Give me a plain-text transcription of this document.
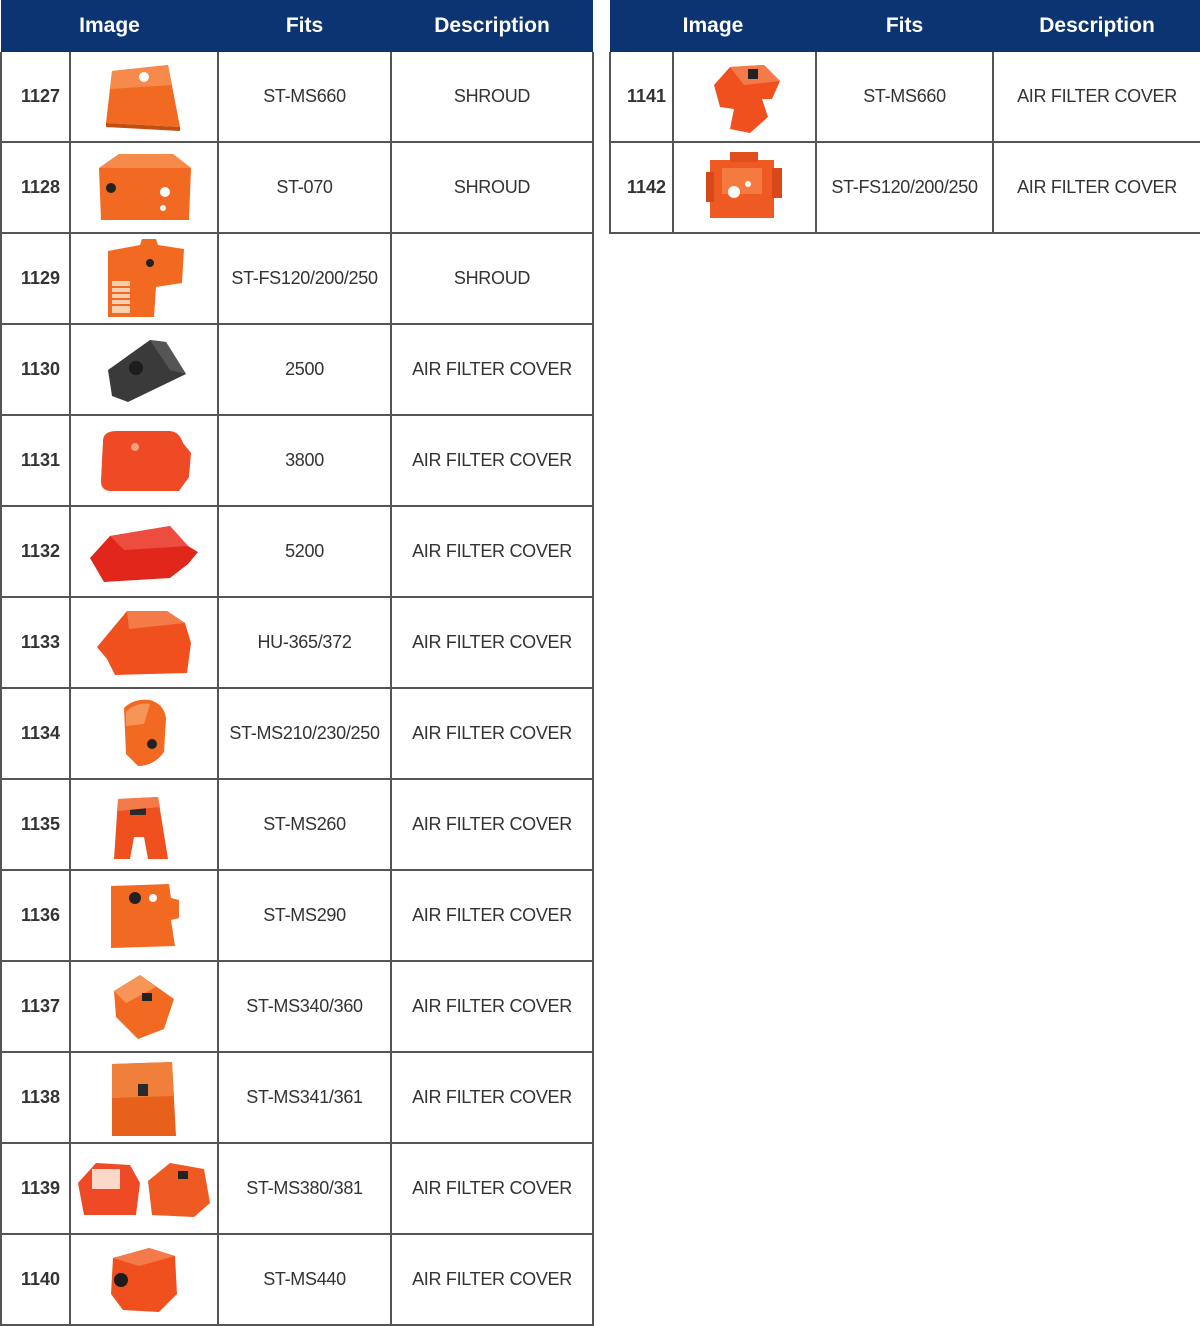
Image		Fits	Description
1127		ST-MS660	SHROUD
1128		ST-070	SHROUD
1129		ST-FS120/200/250	SHROUD
1130		2500	AIR FILTER COVER
1131		3800	AIR FILTER COVER
1132		5200	AIR FILTER COVER
1133		HU-365/372	AIR FILTER COVER
1134		ST-MS210/230/250	AIR FILTER COVER
1135		ST-MS260	AIR FILTER COVER
1136		ST-MS290	AIR FILTER COVER
1137		ST-MS340/360	AIR FILTER COVER
1138		ST-MS341/361	AIR FILTER COVER
1139		ST-MS380/381	AIR FILTER COVER
1140		ST-MS440	AIR FILTER COVER
Image		Fits	Description
1141		ST-MS660	AIR FILTER COVER
1142		ST-FS120/200/250	AIR FILTER COVER
